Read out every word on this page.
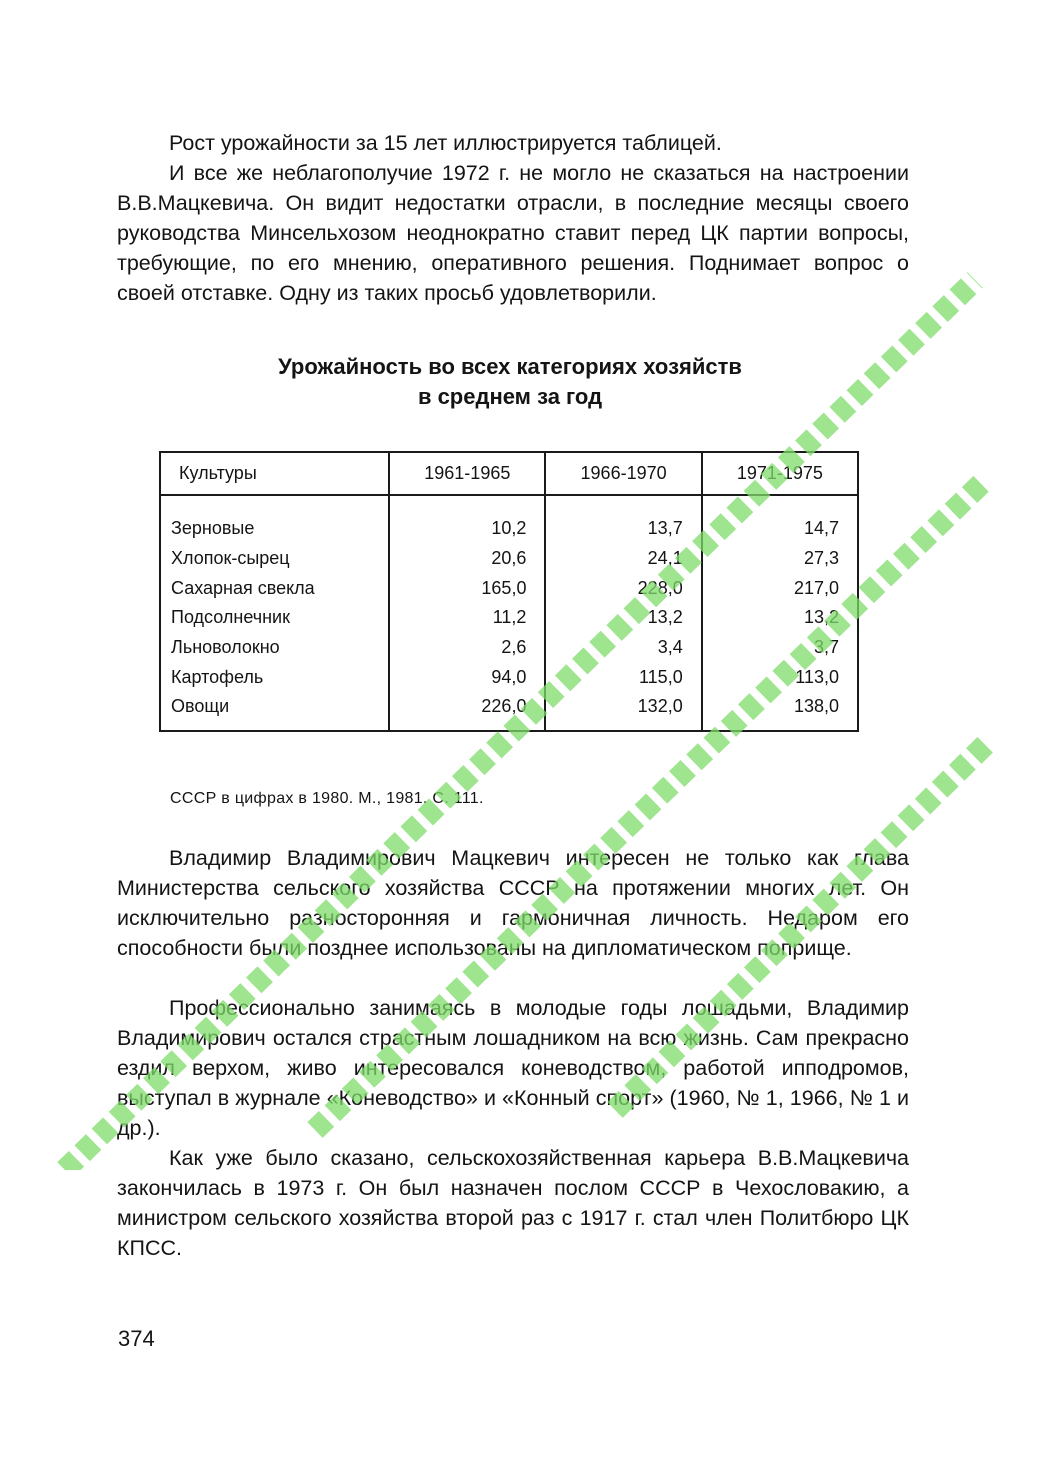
Рост урожайности за 15 лет иллюстрируется таблицей.

И все же неблагополучие 1972 г. не могло не сказаться на настроении В.В.Мацкевича. Он видит недостатки отрасли, в последние месяцы своего руководства Минсельхозом неоднократно ставит перед ЦК партии вопросы, требующие, по его мнению, оперативного решения. Поднимает вопрос о своей отставке. Одну из таких просьб удовлетворили.

Урожайность во всех категориях хозяйств
в среднем за год
Культуры	1961-1965	1966-1970	1971-1975
Зерновые	10,2	13,7	14,7
Хлопок-сырец	20,6	24,1	27,3
Сахарная свекла	165,0	228,0	217,0
Подсолнечник	11,2	13,2	13,2
Льноволокно	2,6	3,4	3,7
Картофель	94,0	115,0	113,0
Овощи	226,0	132,0	138,0
СССР в цифрах в 1980. М., 1981. С. 111.

Владимир Владимирович Мацкевич интересен не только как глава Министерства сельского хозяйства СССР на протяжении многих лет. Он исключительно разносторонняя и гармоничная личность. Недаром его способности были позднее использованы на дипломатическом поприще.

Профессионально занимаясь в молодые годы лошадьми, Владимир Владимирович остался страстным лошадником на всю жизнь. Сам прекрасно ездил верхом, живо интересовался коневодством, работой ипподромов, выступал в журнале «Коневодство» и «Конный спорт» (1960, № 1, 1966, № 1 и др.).

Как уже было сказано, сельскохозяйственная карьера В.В.Мацкевича закончилась в 1973 г. Он был назначен послом СССР в Чехословакию, а министром сельского хозяйства второй раз с 1917 г. стал член Политбюро ЦК КПСС.

374
